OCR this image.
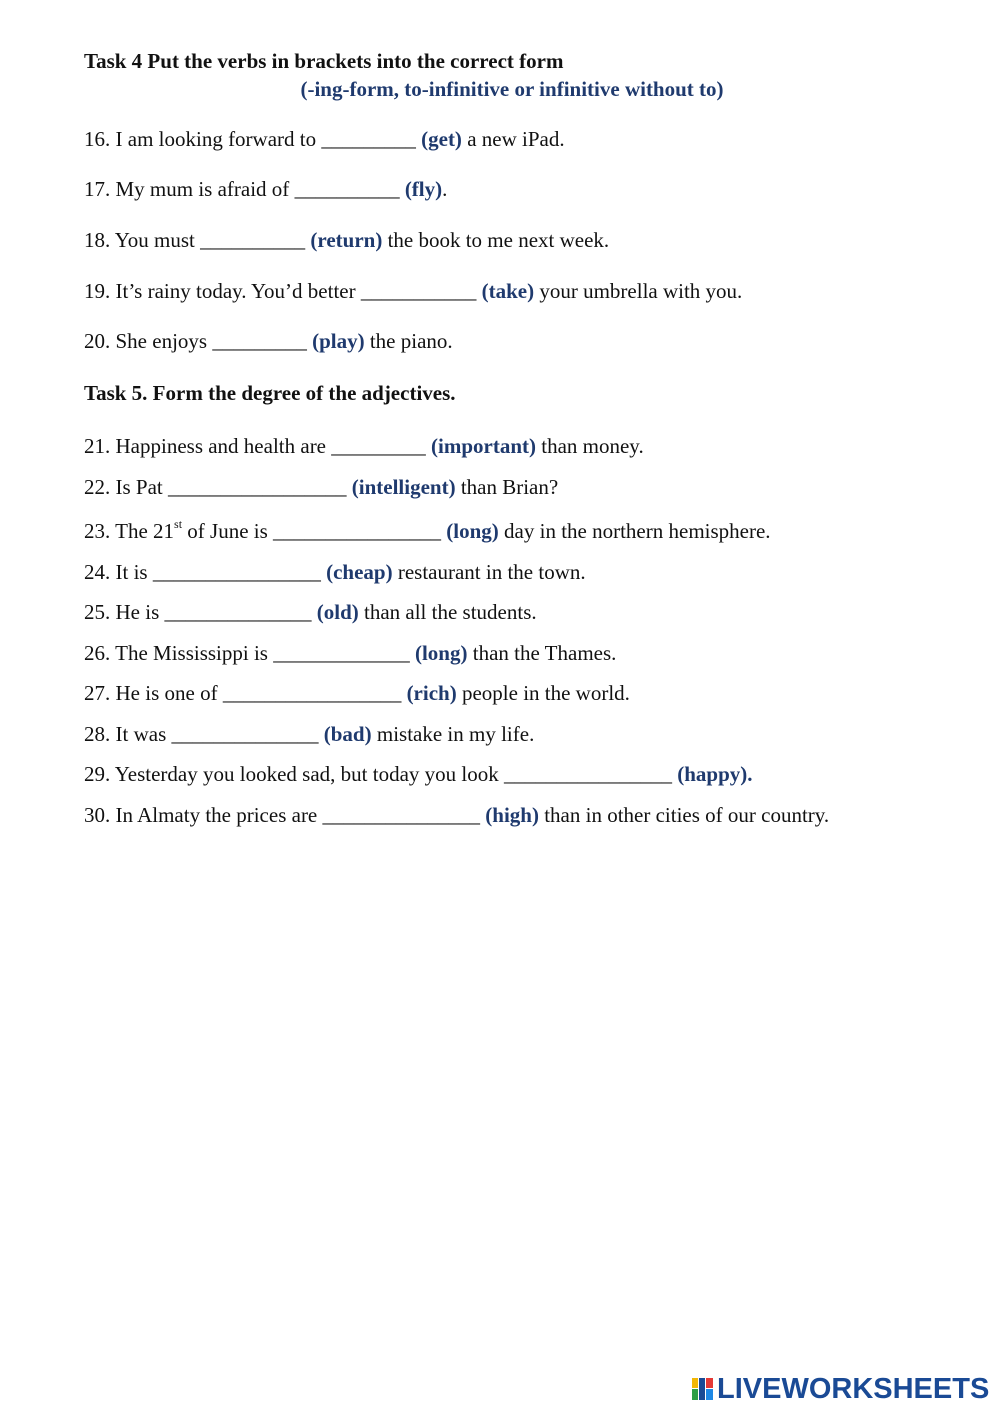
Task 4 Put the verbs in brackets into the correct form
(-ing-form, to-infinitive or infinitive without to)
16. I am looking forward to _________ (get) a new iPad.
17. My mum is afraid of __________ (fly).
18. You must __________ (return) the book to me next week.
19. It’s rainy today. You’d better ___________ (take) your umbrella with you.
20. She enjoys _________ (play) the piano.
Task 5. Form the degree of the adjectives.
21. Happiness and health are _________ (important) than money.
22. Is Pat _________________ (intelligent) than Brian?
23. The 21st of June is ________________ (long) day in the northern hemisphere.
24. It is ________________ (cheap) restaurant in the town.
25. He is ______________ (old) than all the students.
26. The Mississippi is _____________ (long) than the Thames.
27. He is one of _________________ (rich) people in the world.
28. It was ______________ (bad) mistake in my life.
29. Yesterday you looked sad, but today you look ________________ (happy).
30. In Almaty the prices are _______________ (high) than in other cities of our country.
LIVEWORKSHEETS
